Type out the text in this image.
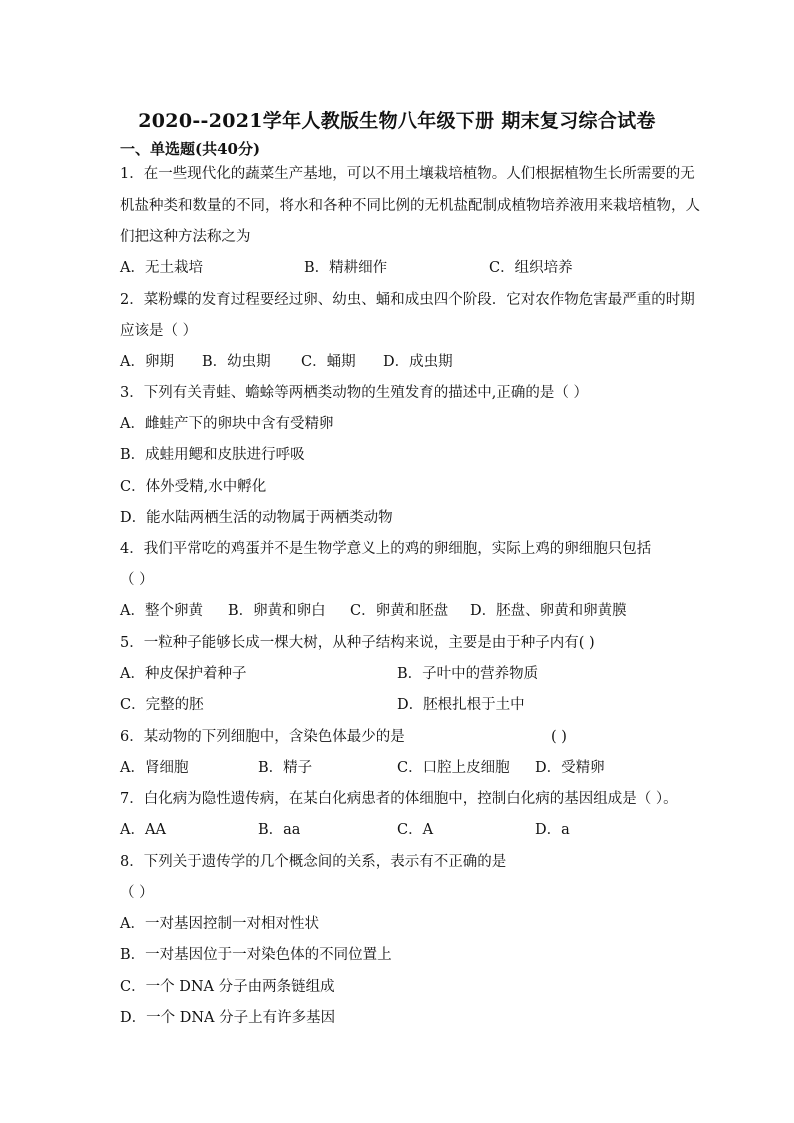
2020--2021学年人教版生物八年级下册 期末复习综合试卷
一、单选题(共40分)
1．在一些现代化的蔬菜生产基地，可以不用土壤栽培植物。人们根据植物生长所需要的无
机盐种类和数量的不同，将水和各种不同比例的无机盐配制成植物培养液用来栽培植物，人
们把这种方法称之为
A．无土栽培	B．精耕细作	C．组织培养
2．菜粉蝶的发育过程要经过卵、幼虫、蛹和成虫四个阶段．它对农作物危害最严重的时期
应该是（ ）
A．卵期 B．幼虫期 C．蛹期 D．成虫期
3．下列有关青蛙、蟾蜍等两栖类动物的生殖发育的描述中,正确的是（ ）
A．雌蛙产下的卵块中含有受精卵
B．成蛙用鳃和皮肤进行呼吸
C．体外受精,水中孵化
D．能水陆两栖生活的动物属于两栖类动物
4．我们平常吃的鸡蛋并不是生物学意义上的鸡的卵细胞，实际上鸡的卵细胞只包括
（ ）
A．整个卵黄 B．卵黄和卵白 C．卵黄和胚盘 D．胚盘、卵黄和卵黄膜
5．一粒种子能够长成一棵大树，从种子结构来说，主要是由于种子内有( )
A．种皮保护着种子	B．子叶中的营养物质
C．完整的胚	D．胚根扎根于土中
6．某动物的下列细胞中，含染色体最少的是	( )
A．肾细胞	B．精子	C．口腔上皮细胞 D．受精卵
7．白化病为隐性遗传病，在某白化病患者的体细胞中，控制白化病的基因组成是（ ）。
A．AA	B．aa	C．A	D．a
8．下列关于遗传学的几个概念间的关系，表示有不正确的是
（ ）
A．一对基因控制一对相对性状
B．一对基因位于一对染色体的不同位置上
C．一个 DNA 分子由两条链组成
D．一个 DNA 分子上有许多基因
